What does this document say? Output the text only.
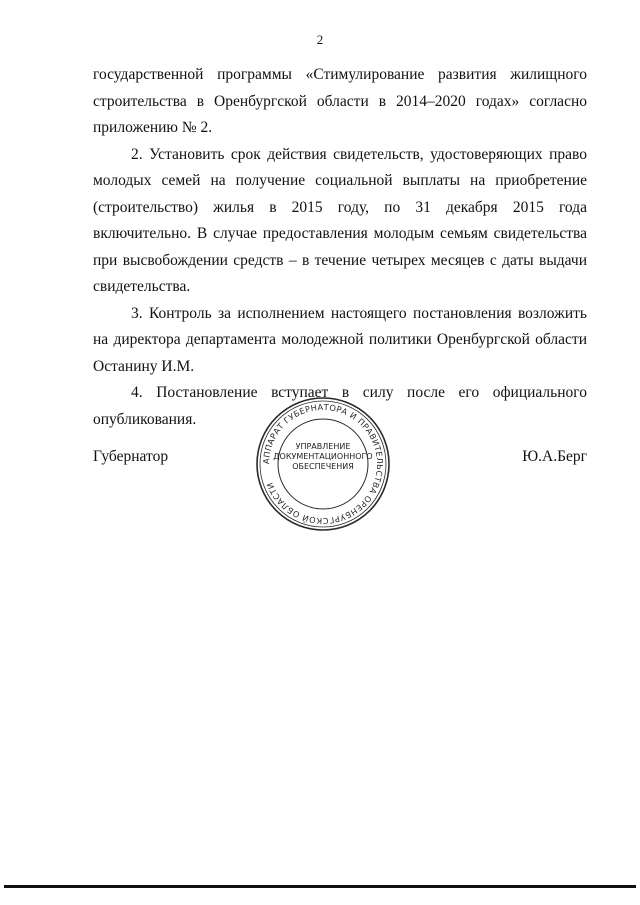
2

государственной программы «Стимулирование развития жилищного строительства в Оренбургской области в 2014–2020 годах» согласно приложению № 2.

2. Установить срок действия свидетельств, удостоверяющих право молодых семей на получение социальной выплаты на приобретение (строительство) жилья в 2015 году, по 31 декабря 2015 года включительно. В случае предоставления молодым семьям свидетельства при высвобождении средств – в течение четырех месяцев с даты выдачи свидетельства.

3. Контроль за исполнением настоящего постановления возложить на директора департамента молодежной политики Оренбургской области Останину И.М.

4. Постановление вступает в силу после его официального опубликования.

АППАРАТ ГУБЕРНАТОРА И ПРАВИТЕЛЬСТВА ОРЕНБУРГСКОЙ ОБЛАСТИ
УПРАВЛЕНИЕ
ДОКУМЕНТАЦИОННОГО
ОБЕСПЕЧЕНИЯ
Губернатор	Ю.А.Берг
